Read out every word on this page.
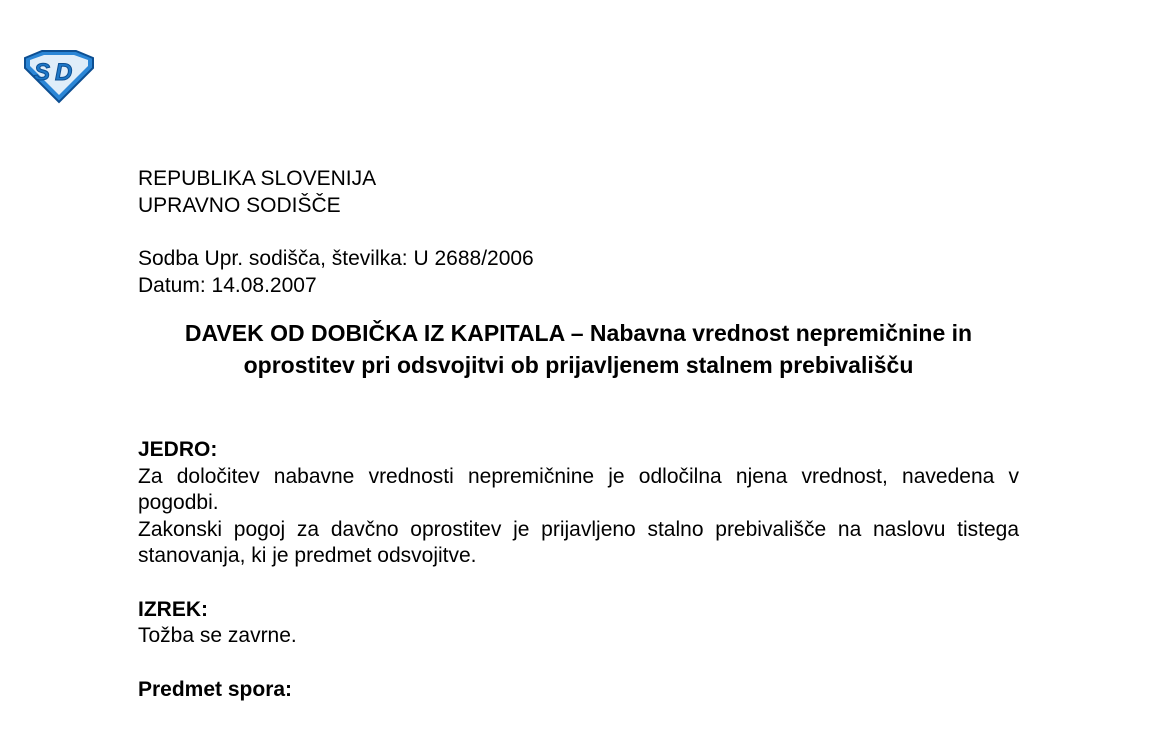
S D
REPUBLIKA SLOVENIJA
UPRAVNO SODIŠČE
Sodba Upr. sodišča, številka: U 2688/2006
Datum: 14.08.2007
DAVEK OD DOBIČKA IZ KAPITALA – Nabavna vrednost nepremičnine in oprostitev pri odsvojitvi ob prijavljenem stalnem prebivališču
JEDRO:
Za določitev nabavne vrednosti nepremičnine je odločilna njena vrednost, navedena v pogodbi.
Zakonski pogoj za davčno oprostitev je prijavljeno stalno prebivališče na naslovu tistega stanovanja, ki je predmet odsvojitve.
IZREK:
Tožba se zavrne.
Predmet spora:
